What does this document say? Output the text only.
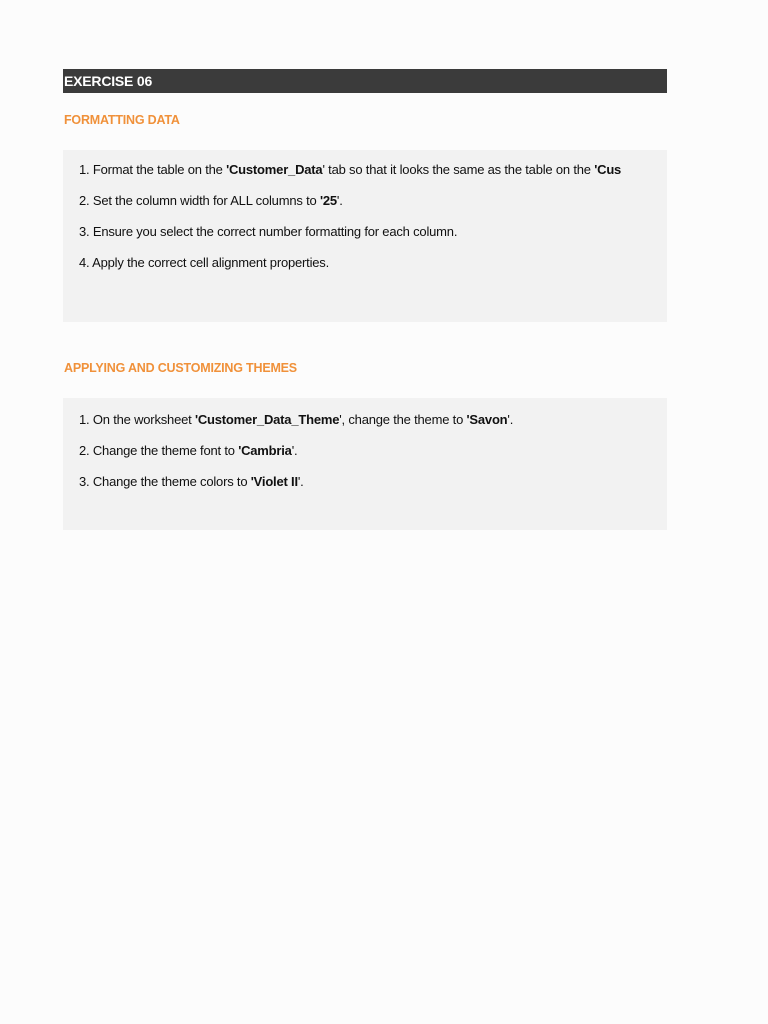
EXERCISE 06
FORMATTING DATA
1. Format the table on the 'Customer_Data' tab so that it looks the same as the table on the 'Cus
2. Set the column width for ALL columns to '25'.
3. Ensure you select the correct number formatting for each column.
4. Apply the correct cell alignment properties.
APPLYING AND CUSTOMIZING THEMES
1. On the worksheet 'Customer_Data_Theme', change the theme to 'Savon'.
2. Change the theme font to 'Cambria'.
3. Change the theme colors to 'Violet II'.
